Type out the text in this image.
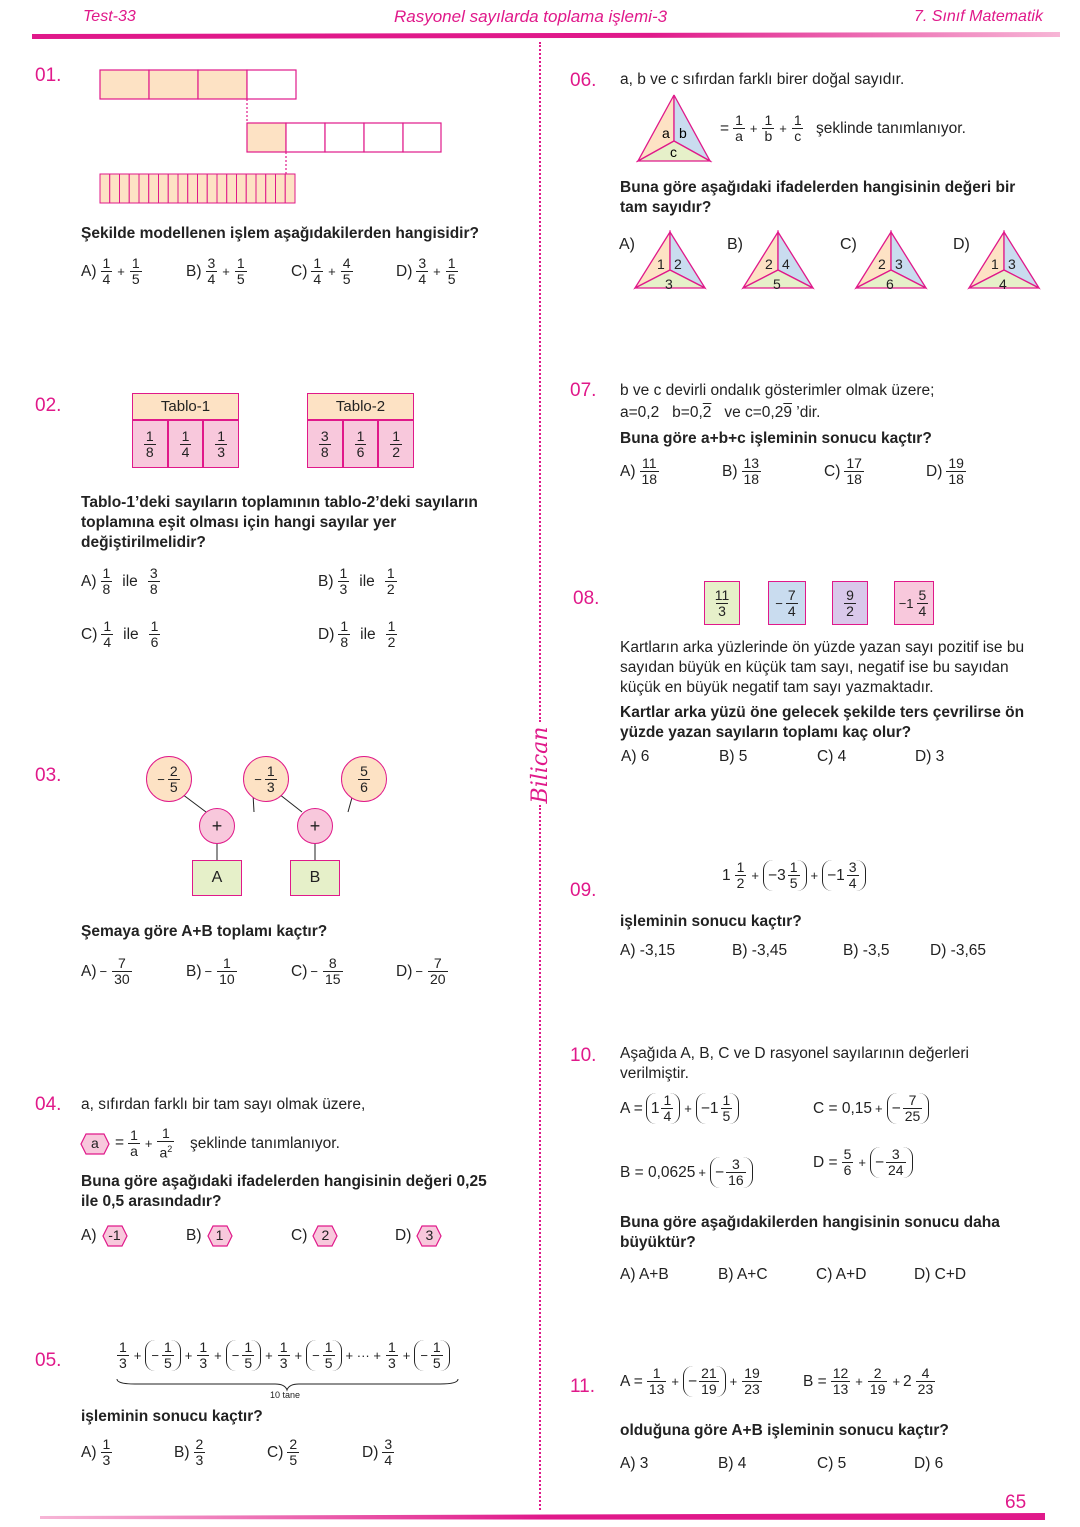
Test-33	Rasyonel sayılarda toplama işlemi-3	7. Sınıf Matematik
Bilican
01.
Şekilde modellenen işlem aşağıdakilerden hangisidir?
$A) \frac{1}{4} + \frac{1}{5}$	$B) \frac{3}{4} + \frac{1}{5}$	$C) \frac{1}{4} + \frac{4}{5}$	$D) \frac{3}{4} + \frac{1}{5}$
02.	Tablo-1	Tablo-2
$\frac{1}{8} \frac{1}{4} \frac{1}{3}$	$\frac{3}{8} \frac{1}{6} \frac{1}{2}$
Tablo-1’deki sayıların toplamının tablo-2’deki sayıların toplamına eşit olması için hangi sayılar yer değiştirilmelidir?
$A) \frac{1}{8}$ ile $\frac{3}{8}$	$B) \frac{1}{3}$ ile $\frac{1}{2}$
$C) \frac{1}{4}$ ile $\frac{1}{6}$	$D) \frac{1}{8}$ ile $\frac{1}{2}$
03.	− $\frac{2}{5}$	− $\frac{1}{3}$	$\frac{5}{6}$
+	+
A	B
Şemaya göre A+B toplamı kaçtır?
$A) - \frac{7}{30}$	$B) - \frac{1}{10}$	$C) - \frac{8}{15}$	$D) - \frac{7}{20}$
04. a, sıfırdan farklı bir tam sayı olmak üzere,
$a = \frac{1}{a} + \frac{1}{a^2}$ şeklinde tanımlanıyor.
Buna göre aşağıdaki ifadelerden hangisinin değeri 0,25 ile 0,5 arasındadır?
A) -1	B)	1	C)	2	D)	3
05.	$\frac{1}{3}$ + − $\frac{1}{5} + \frac{1}{3}$ + − $\frac{1}{5} + \frac{1}{3}$ + − $\frac{1}{5}$ + ··· + $\frac{1}{3}$ + − $\frac{1}{5}$
10 tane
işleminin sonucu kaçtır?
$A) \frac{1}{3}$	$B) \frac{2}{3}$	$C) \frac{2}{5}$	$D) \frac{3}{4}$
06. a, b ve c sıfırdan farklı birer doğal sayıdır.
a b
c
= $\frac{1}{a} + \frac{1}{b} + \frac{1}{c}$ şeklinde tanımlanıyor.
Buna göre aşağıdaki ifadelerden hangisinin değeri bir tam sayıdır?
A)
1 2
3
B)
2 4
5
C)
2 3
6
D)
1 3
4
07. b ve c devirli ondalık gösterimler olmak üzere;
a=0,2 b=0,2 ve c=0,29 ’dir.
Buna göre a+b+c işleminin sonucu kaçtır?
$A) \frac{11}{18}$	$B) \frac{13}{18}$	$C) \frac{17}{18}$	$D) \frac{19}{18}$
08.	$\frac{11}{3}$	− $\frac{7}{4}$	$\frac{9}{2}$	$-1 \frac{5}{4}$
Kartların arka yüzlerinde ön yüzde yazan sayı pozitif ise bu sayıdan büyük en küçük tam sayı, negatif ise bu sayıdan küçük en büyük negatif tam sayı yazmaktadır.
Kartlar arka yüzü öne gelecek şekilde ters çevrilirse ön yüzde yazan sayıların toplamı kaç olur?
A) 6	B) 5	C) 4	D) 3
09.
$1 \frac{1}{2} + -3 \frac{1}{5} + -1 \frac{3}{4}$
işleminin sonucu kaçtır?
A) -3,15	B) -3,45	B) -3,5	D) -3,65
10. Aşağıda A, B, C ve D rasyonel sayılarının değerleri verilmiştir.
$A = 1 \frac{1}{4} + -1 \frac{1}{5}$	C = 0,15 + − $\frac{7}{25}$
B = 0,0625 + − $\frac{3}{16}$	$D = \frac{5}{6}$ + − $\frac{3}{24}$
Buna göre aşağıdakilerden hangisinin sonucu daha büyüktür?
A) A+B	B) A+C	C) A+D	D) C+D
11. $A = \frac{1}{13}$ + − $\frac{21}{19} + \frac{19}{23}$	$B = \frac{12}{13} + \frac{2}{19} + 2 \frac{4}{23}$
olduğuna göre A+B işleminin sonucu kaçtır?
A) 3	B) 4	C) 5	D) 6
65
